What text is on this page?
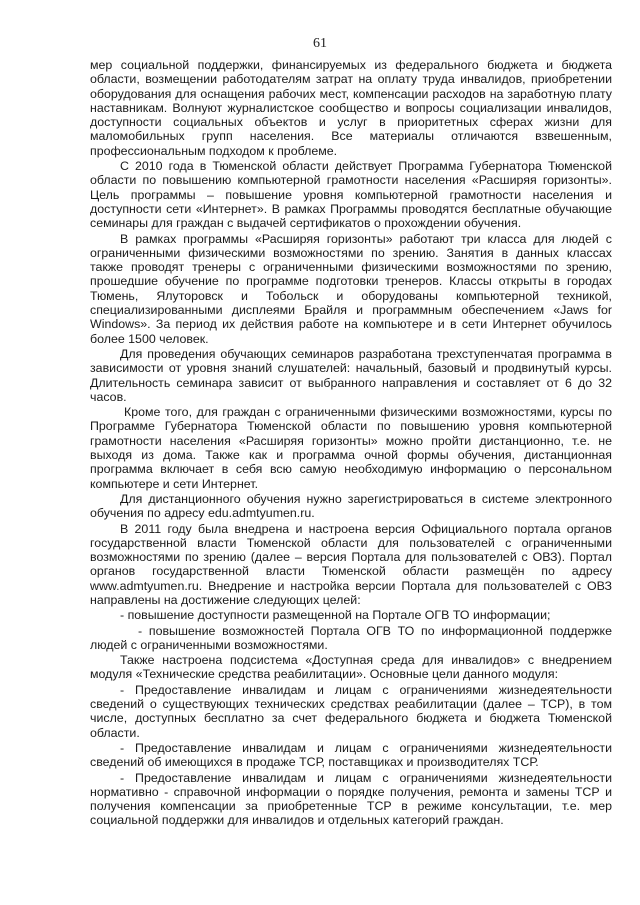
61

мер социальной поддержки, финансируемых из федерального бюджета и бюджета области, возмещении работодателям затрат на оплату труда инвалидов, приобретении оборудования для оснащения рабочих мест, компенсации расходов на заработную плату наставникам. Волнуют журналистское сообщество и вопросы социализации инвалидов, доступности социальных объектов и услуг в приоритетных сферах жизни для маломобильных групп населения. Все материалы отличаются взвешенным, профессиональным подходом к проблеме.

С 2010 года в Тюменской области действует Программа Губернатора Тюменской области по повышению компьютерной грамотности населения «Расширяя горизонты». Цель программы – повышение уровня компьютерной грамотности населения и доступности сети «Интернет». В рамках Программы проводятся бесплатные обучающие семинары для граждан с выдачей сертификатов о прохождении обучения.

В рамках программы «Расширяя горизонты» работают три класса для людей с ограниченными физическими возможностями по зрению. Занятия в данных классах также проводят тренеры с ограниченными физическими возможностями по зрению, прошедшие обучение по программе подготовки тренеров. Классы открыты в городах Тюмень, Ялуторовск и Тобольск и оборудованы компьютерной техникой, специализированными дисплеями Брайля и программным обеспечением «Jaws for Windows». За период их действия работе на компьютере и в сети Интернет обучилось более 1500 человек.

Для проведения обучающих семинаров разработана трехступенчатая программа в зависимости от уровня знаний слушателей: начальный, базовый и продвинутый курсы. Длительность семинара зависит от выбранного направления и составляет от 6 до 32 часов.

Кроме того, для граждан с ограниченными физическими возможностями, курсы по Программе Губернатора Тюменской области по повышению уровня компьютерной грамотности населения «Расширяя горизонты» можно пройти дистанционно, т.е. не выходя из дома. Также как и программа очной формы обучения, дистанционная программа включает в себя всю самую необходимую информацию о персональном компьютере и сети Интернет.

Для дистанционного обучения нужно зарегистрироваться в системе электронного обучения по адресу edu.admtyumen.ru.

В 2011 году была внедрена и настроена версия Официального портала органов государственной власти Тюменской области для пользователей с ограниченными возможностями по зрению (далее – версия Портала для пользователей с ОВЗ). Портал органов государственной власти Тюменской области размещён по адресу www.admtyumen.ru. Внедрение и настройка версии Портала для пользователей с ОВЗ направлены на достижение следующих целей:

- повышение доступности размещенной на Портале ОГВ ТО информации;

- повышение возможностей Портала ОГВ ТО по информационной поддержке людей с ограниченными возможностями.

Также настроена подсистема «Доступная среда для инвалидов» с внедрением модуля «Технические средства реабилитации». Основные цели данного модуля:

- Предоставление инвалидам и лицам с ограничениями жизнедеятельности сведений о существующих технических средствах реабилитации (далее – ТСР), в том числе, доступных бесплатно за счет федерального бюджета и бюджета Тюменской области.

- Предоставление инвалидам и лицам с ограничениями жизнедеятельности сведений об имеющихся в продаже ТСР, поставщиках и производителях ТСР.

- Предоставление инвалидам и лицам с ограничениями жизнедеятельности нормативно - справочной информации о порядке получения, ремонта и замены ТСР и получения компенсации за приобретенные ТСР в режиме консультации, т.е. мер социальной поддержки для инвалидов и отдельных категорий граждан.
